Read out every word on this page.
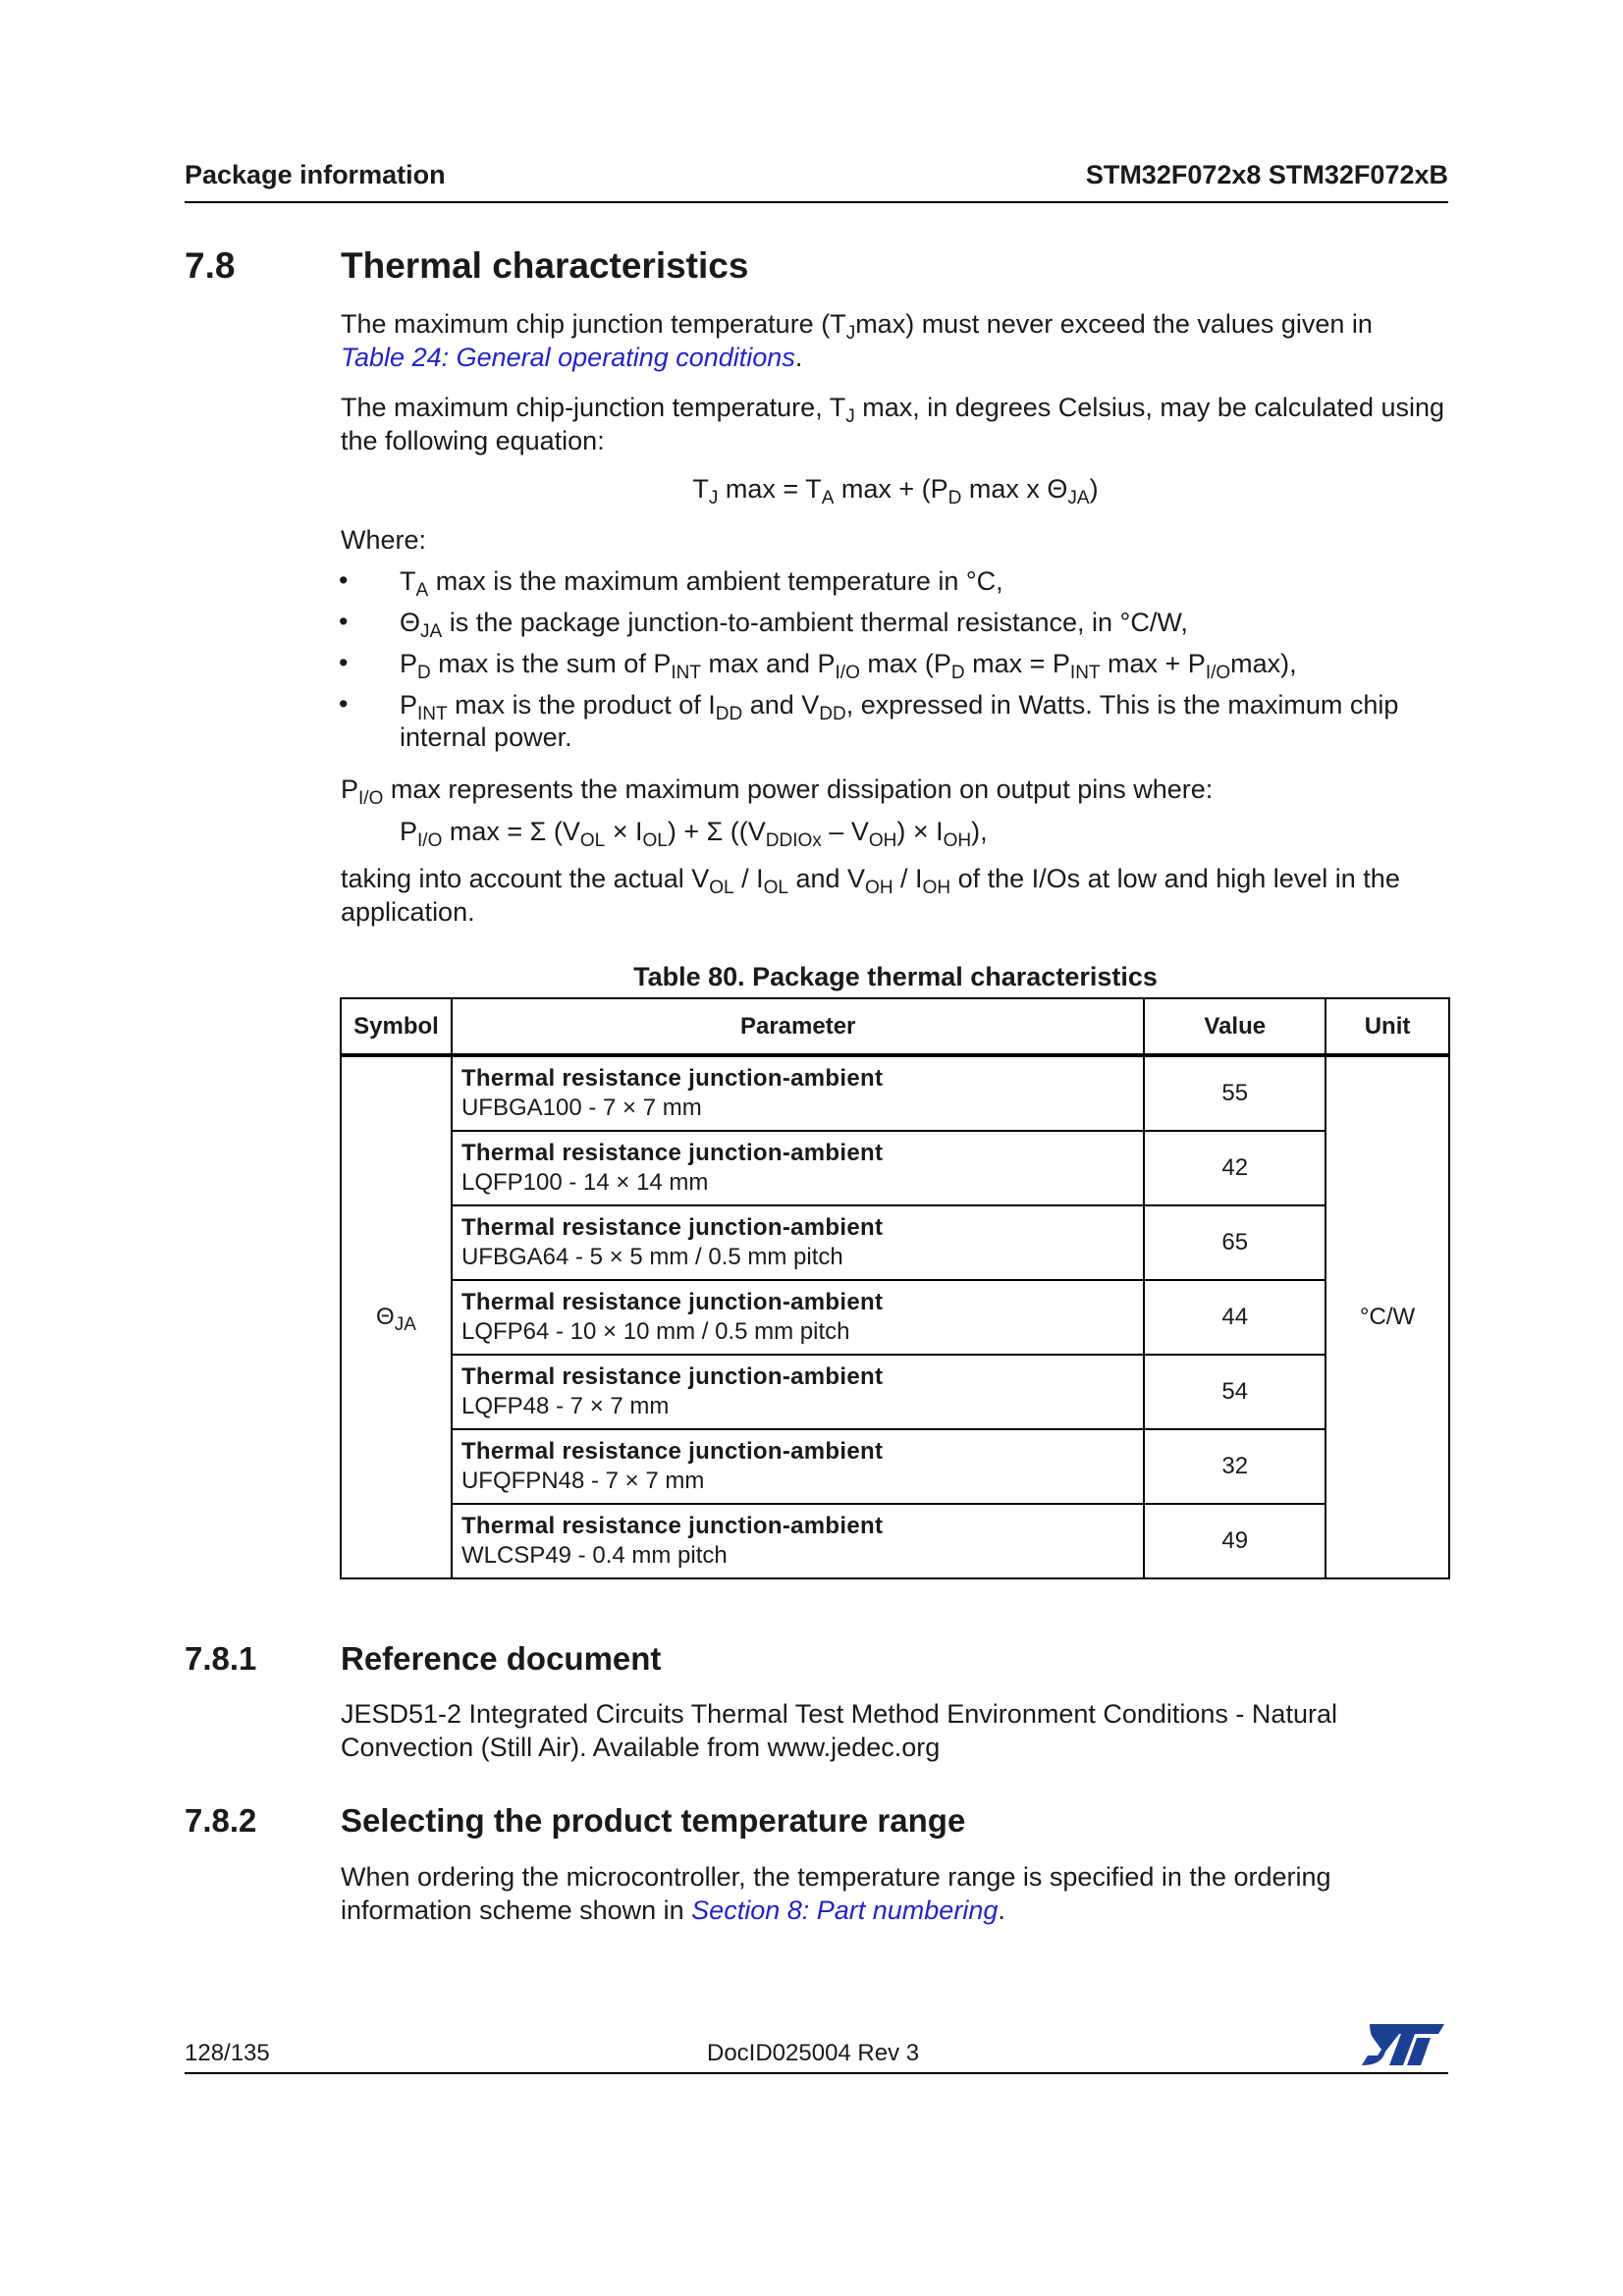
Package information	STM32F072x8 STM32F072xB
7.8	Thermal characteristics
The maximum chip junction temperature $(T_J\max)$ must never exceed the values given in
Table 24: General operating conditions.
The maximum chip-junction temperature, $T_J$ max, in degrees Celsius, may be calculated using the following equation:
$T_J$ $\max = T_A$ $\max + (P_D$ max x $\Theta_{JA}$)
Where:
• $T_A$ max is the maximum ambient temperature in °C,
• $\Theta_{JA}$ is the package junction-to-ambient thermal resistance, in °C/W,
• $P_D$ max is the sum of $P_{INT}$ max and $P_{I/O}$ $\max (P_D$ $\max = P_{INT}$ $\max + P_{I/O}\max$),
• $P_{INT}$ max is the product of $I_{DD}$ and $V_{DD}$, expressed in Watts. This is the maximum chip internal power.
$P_{I/O}$ max represents the maximum power dissipation on output pins where:
$P_{I/O}$ max = Σ $(V_{OL} \times I_{OL}) + \Sigma$ $((V_{DDIOx} - V_{OH}) \times I_{OH})$,
taking into account the actual $V_{OL} / I_{OL}$ and $V_{OH} / I_{OH}$ of the I/Os at low and high level in the application.
Table 80. Package thermal characteristics
Symbol	Parameter	Value	Unit
$\Theta_{JA}$	Thermal resistance junction-ambient
UFBGA100 - 7 × 7 mm	55	°C/W

	Thermal resistance junction-ambient
LQFP100 - 14 × 14 mm	42	

	Thermal resistance junction-ambient
UFBGA64 - 5 × 5 mm / 0.5 mm pitch	65	

	Thermal resistance junction-ambient
LQFP64 - 10 × 10 mm / 0.5 mm pitch	44	

	Thermal resistance junction-ambient
LQFP48 - 7 × 7 mm	54	

	Thermal resistance junction-ambient
UFQFPN48 - 7 × 7 mm	32	

	Thermal resistance junction-ambient
WLCSP49 - 0.4 mm pitch	49	
7.8.1	Reference document
JESD51-2 Integrated Circuits Thermal Test Method Environment Conditions - Natural Convection (Still Air). Available from www.jedec.org
7.8.2	Selecting the product temperature range
When ordering the microcontroller, the temperature range is specified in the ordering information scheme shown in Section 8: Part numbering.
128/135	DocID025004 Rev 3
